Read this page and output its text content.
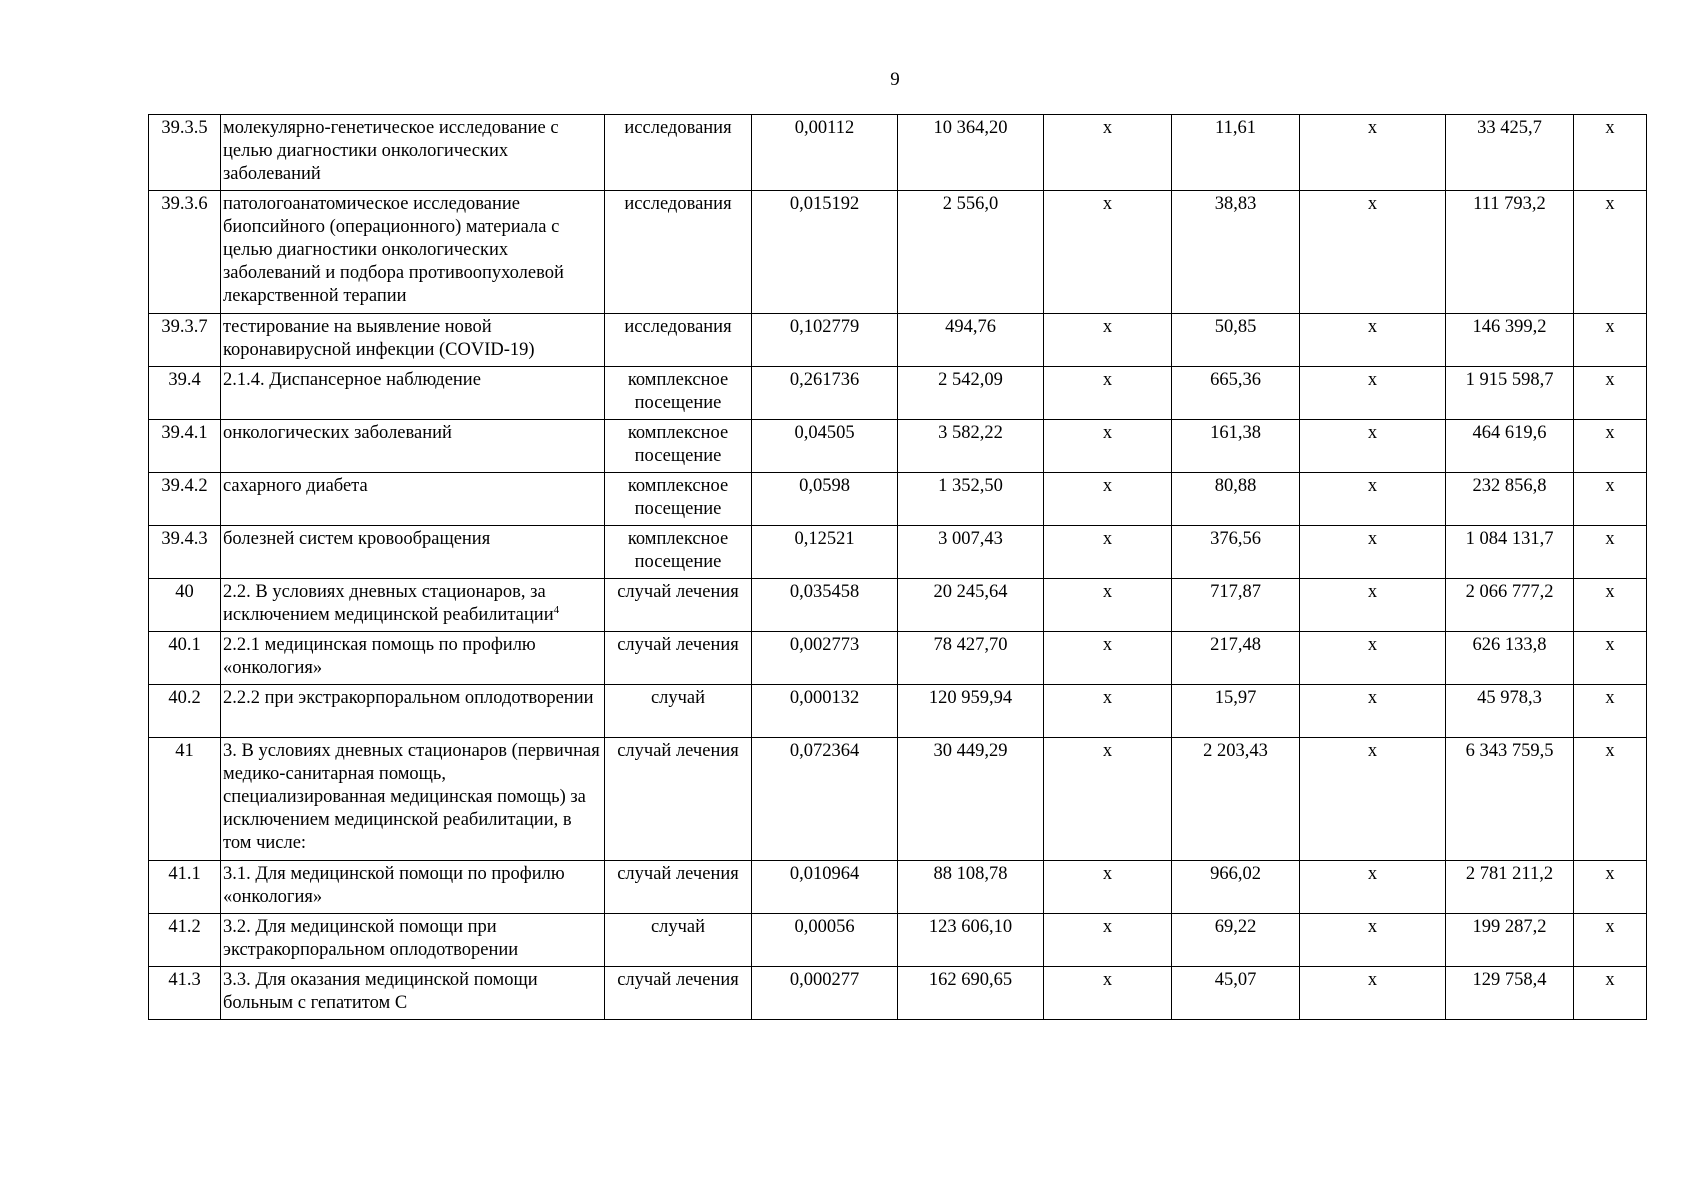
9
39.3.5	молекулярно-генетическое исследование с целью диагностики онкологических заболеваний	исследования	0,00112	10 364,20	х	11,61	х	33 425,7	х
39.3.6	патологоанатомическое исследование биопсийного (операционного) материала с целью диагностики онкологических заболеваний и подбора противоопухолевой лекарственной терапии	исследования	0,015192	2 556,0	х	38,83	х	111 793,2	х
39.3.7	тестирование на выявление новой коронавирусной инфекции (COVID-19)	исследования	0,102779	494,76	х	50,85	х	146 399,2	х
39.4	2.1.4. Диспансерное наблюдение	комплексное посещение	0,261736	2 542,09	х	665,36	х	1 915 598,7	х
39.4.1	онкологических заболеваний	комплексное посещение	0,04505	3 582,22	х	161,38	х	464 619,6	х
39.4.2	сахарного диабета	комплексное посещение	0,0598	1 352,50	х	80,88	х	232 856,8	х
39.4.3	болезней систем кровообращения	комплексное посещение	0,12521	3 007,43	х	376,56	х	1 084 131,7	х
40	2.2. В условиях дневных стационаров, за исключением медицинской реабилитации$^4$	случай лечения	0,035458	20 245,64	х	717,87	х	2 066 777,2	х
40.1	2.2.1 медицинская помощь по профилю «онкология»	случай лечения	0,002773	78 427,70	х	217,48	х	626 133,8	х
40.2	2.2.2 при экстракорпоральном оплодотворении	случай	0,000132	120 959,94	х	15,97	х	45 978,3	х
41	3. В условиях дневных стационаров (первичная медико-санитарная помощь, специализированная медицинская помощь) за исключением медицинской реабилитации, в том числе:	случай лечения	0,072364	30 449,29	х	2 203,43	х	6 343 759,5	х
41.1	3.1. Для медицинской помощи по профилю «онкология»	случай лечения	0,010964	88 108,78	х	966,02	х	2 781 211,2	х
41.2	3.2. Для медицинской помощи при экстракорпоральном оплодотворении	случай	0,00056	123 606,10	х	69,22	х	199 287,2	х
41.3	3.3. Для оказания медицинской помощи больным с гепатитом С	случай лечения	0,000277	162 690,65	х	45,07	х	129 758,4	х
